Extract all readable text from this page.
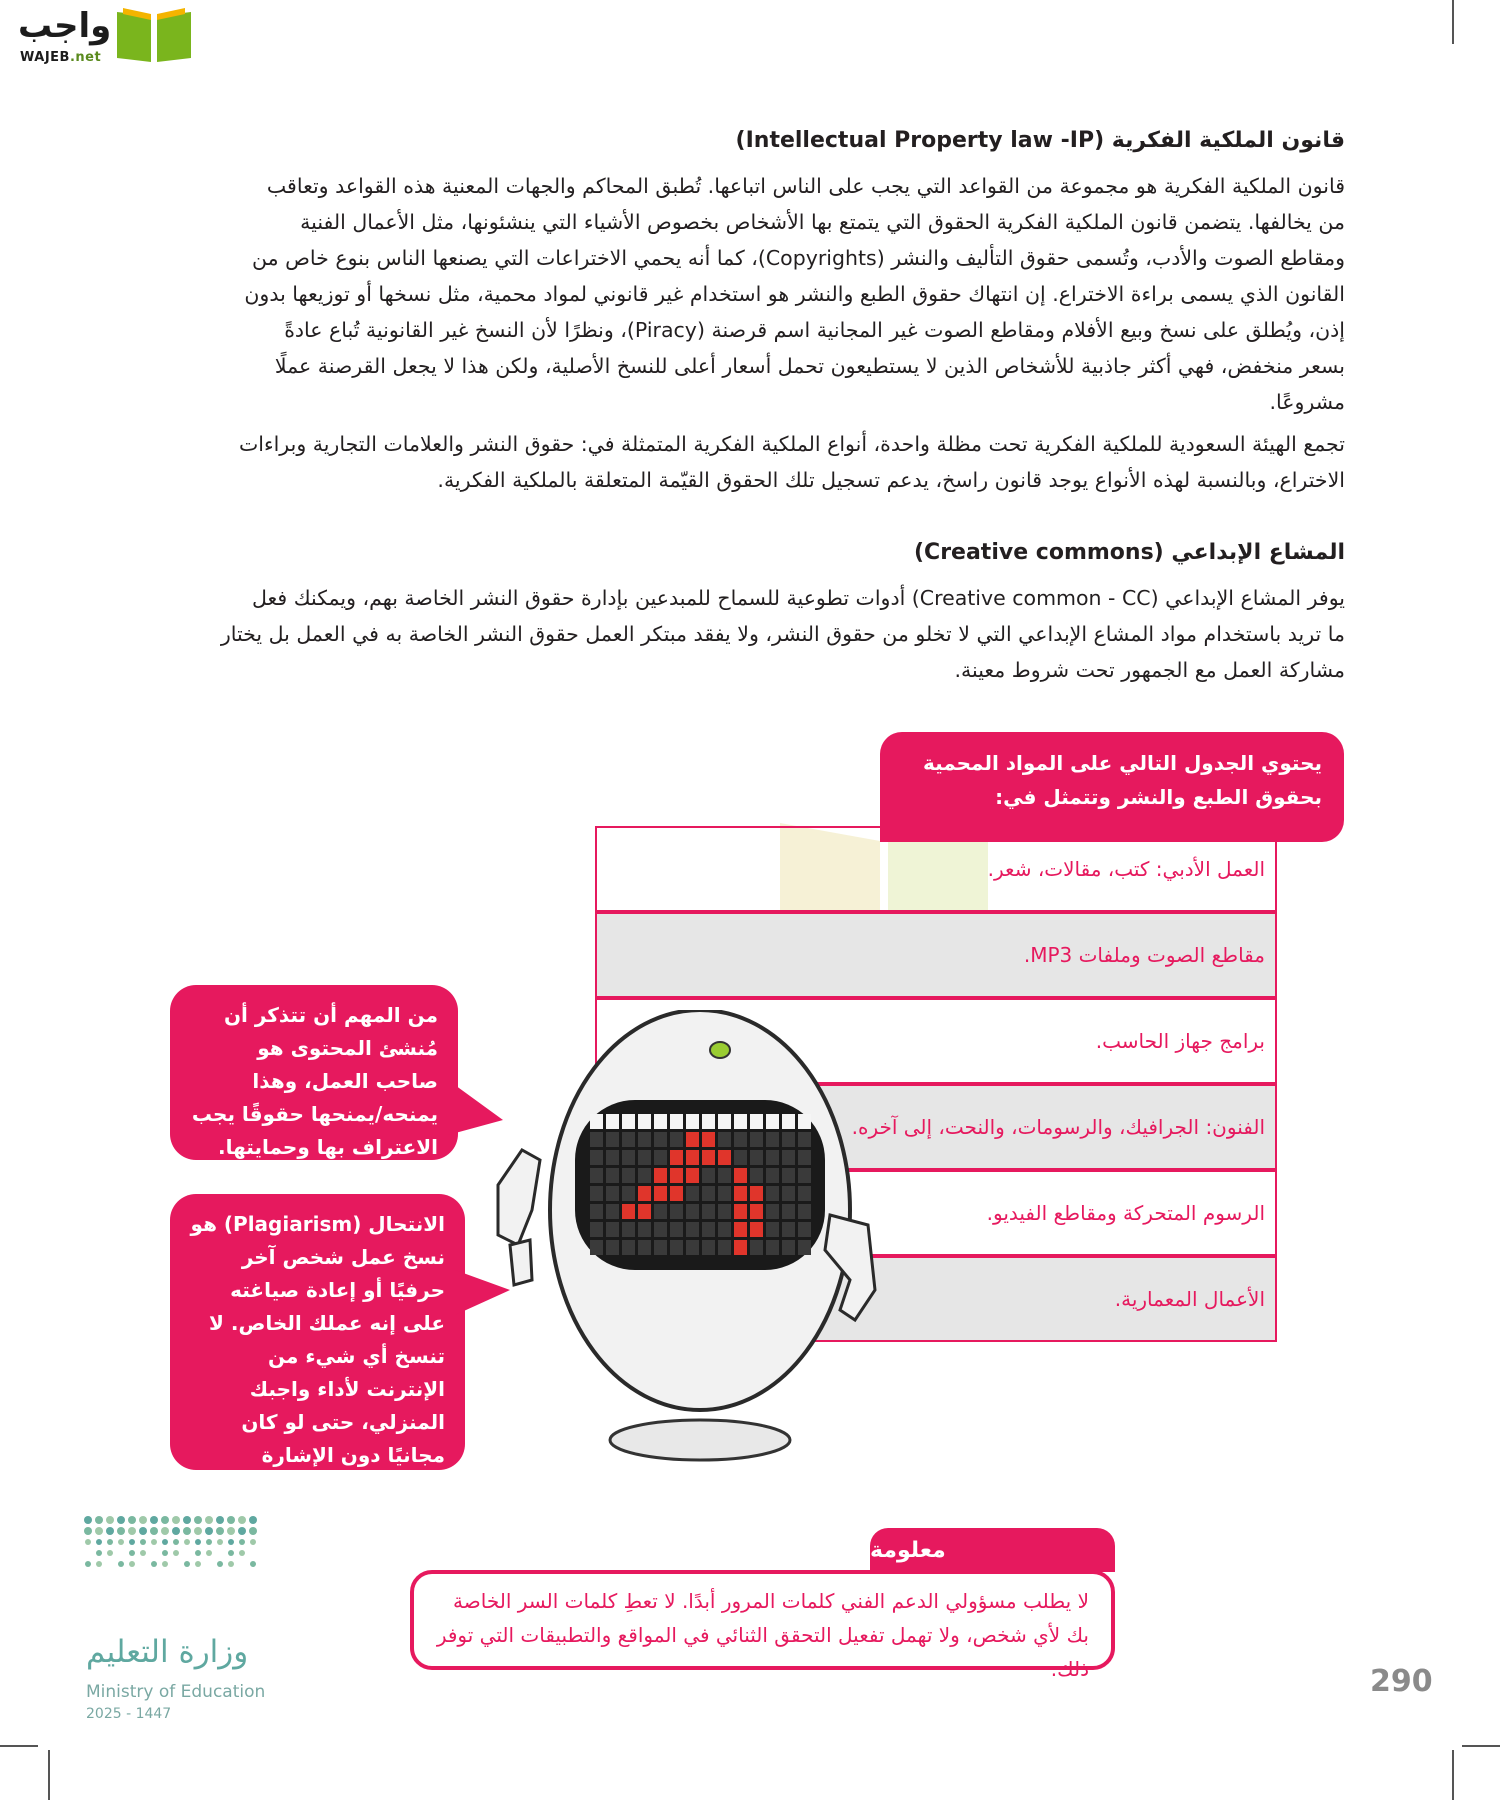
واجب
WAJEB.net
قانون الملكية الفكرية (Intellectual Property law -IP)
قانون الملكية الفكرية هو مجموعة من القواعد التي يجب على الناس اتباعها. تُطبق المحاكم والجهات المعنية هذه القواعد وتعاقب
من يخالفها. يتضمن قانون الملكية الفكرية الحقوق التي يتمتع بها الأشخاص بخصوص الأشياء التي ينشئونها، مثل الأعمال الفنية
ومقاطع الصوت والأدب، وتُسمى حقوق التأليف والنشر (Copyrights)، كما أنه يحمي الاختراعات التي يصنعها الناس بنوع خاص من
القانون الذي يسمى براءة الاختراع. إن انتهاك حقوق الطبع والنشر هو استخدام غير قانوني لمواد محمية، مثل نسخها أو توزيعها بدون
إذن، ويُطلق على نسخ وبيع الأفلام ومقاطع الصوت غير المجانية اسم قرصنة (Piracy)، ونظرًا لأن النسخ غير القانونية تُباع عادةً
بسعر منخفض، فهي أكثر جاذبية للأشخاص الذين لا يستطيعون تحمل أسعار أعلى للنسخ الأصلية، ولكن هذا لا يجعل القرصنة عملًا
مشروعًا.
تجمع الهيئة السعودية للملكية الفكرية تحت مظلة واحدة، أنواع الملكية الفكرية المتمثلة في: حقوق النشر والعلامات التجارية وبراءات
الاختراع، وبالنسبة لهذه الأنواع يوجد قانون راسخ، يدعم تسجيل تلك الحقوق القيّمة المتعلقة بالملكية الفكرية.
المشاع الإبداعي (Creative commons)
يوفر المشاع الإبداعي (Creative common - CC) أدوات تطوعية للسماح للمبدعين بإدارة حقوق النشر الخاصة بهم، ويمكنك فعل
ما تريد باستخدام مواد المشاع الإبداعي التي لا تخلو من حقوق النشر، ولا يفقد مبتكر العمل حقوق النشر الخاصة به في العمل بل يختار
مشاركة العمل مع الجمهور تحت شروط معينة.
يحتوي الجدول التالي على المواد المحمية بحقوق الطبع والنشر وتتمثل في:
العمل الأدبي: كتب، مقالات، شعر.
مقاطع الصوت وملفات MP3.
برامج جهاز الحاسب.
الفنون: الجرافيك، والرسومات، والنحت، إلى آخره.
الرسوم المتحركة ومقاطع الفيديو.
الأعمال المعمارية.
من المهم أن تتذكر أن مُنشئ المحتوى هو صاحب العمل، وهذا يمنحه/يمنحها حقوقًا يجب الاعتراف بها وحمايتها.
الانتحال (Plagiarism) هو نسخ عمل شخص آخر حرفيًا أو إعادة صياغته على إنه عملك الخاص. لا تنسخ أي شيء من الإنترنت لأداء واجبك المنزلي، حتى لو كان مجانيًا دون الإشارة لمصدره.
معلومة
لا يطلب مسؤولي الدعم الفني كلمات المرور أبدًا. لا تعطِ كلمات السر الخاصة بك لأي شخص، ولا تهمل تفعيل التحقق الثنائي في المواقع والتطبيقات التي توفر ذلك.	290
وزارة التعليم
Ministry of Education
2025 - 1447
